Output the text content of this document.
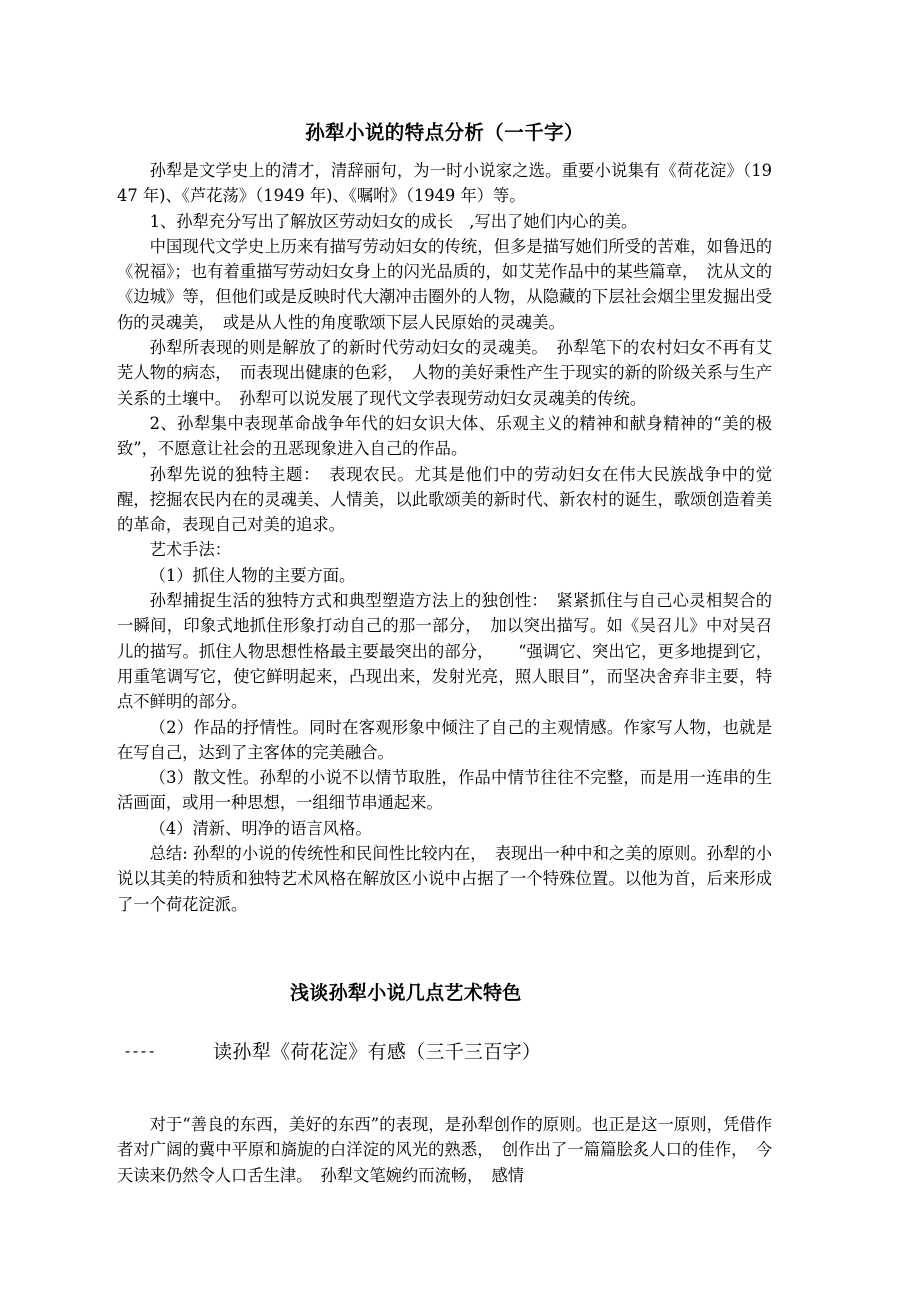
孙犁小说的特点分析（一千字）

孙犁是文学史上的清才，清辞丽句，为一时小说家之选。重要小说集有《荷花淀》（1947 年)、《芦花荡》（1949 年)、《嘱咐》（1949 年）等。

1、孙犁充分写出了解放区劳动妇女的成长　,写出了她们内心的美。

中国现代文学史上历来有描写劳动妇女的传统，但多是描写她们所受的苦难，如鲁迅的《祝福》；也有着重描写劳动妇女身上的闪光品质的，如艾芜作品中的某些篇章，　沈从文的《边城》等，但他们或是反映时代大潮冲击圈外的人物，从隐藏的下层社会烟尘里发掘出受伤的灵魂美，　或是从人性的角度歌颂下层人民原始的灵魂美。

孙犁所表现的则是解放了的新时代劳动妇女的灵魂美。　孙犁笔下的农村妇女不再有艾芜人物的病态，　而表现出健康的色彩，　人物的美好秉性产生于现实的新的阶级关系与生产关系的土壤中。　孙犁可以说发展了现代文学表现劳动妇女灵魂美的传统。

2、孙犁集中表现革命战争年代的妇女识大体、乐观主义的精神和献身精神的“美的极致”，不愿意让社会的丑恶现象进入自己的作品。

孙犁先说的独特主题：　表现农民。尤其是他们中的劳动妇女在伟大民族战争中的觉醒，挖掘农民内在的灵魂美、人情美，以此歌颂美的新时代、新农村的诞生，歌颂创造着美的革命，表现自己对美的追求。

艺术手法：

（1）抓住人物的主要方面。

孙犁捕捉生活的独特方式和典型塑造方法上的独创性：　紧紧抓住与自己心灵相契合的一瞬间，印象式地抓住形象打动自己的那一部分，　加以突出描写。如《吴召儿》中对吴召儿的描写。抓住人物思想性格最主要最突出的部分，　　“强调它、突出它，更多地提到它，用重笔调写它，使它鲜明起来，凸现出来，发射光亮，照人眼目”，而坚决舍弃非主要，特点不鲜明的部分。

（2）作品的抒情性。同时在客观形象中倾注了自己的主观情感。作家写人物，也就是在写自己，达到了主客体的完美融合。

（3）散文性。孙犁的小说不以情节取胜，作品中情节往往不完整，而是用一连串的生活画面，或用一种思想，一组细节串通起来。

（4）清新、明净的语言风格。

总结: 孙犁的小说的传统性和民间性比较内在，　表现出一种中和之美的原则。孙犁的小说以其美的特质和独特艺术风格在解放区小说中占据了一个特殊位置。以他为首，后来形成了一个荷花淀派。

浅谈孙犁小说几点艺术特色
----	读孙犁《荷花淀》有感（三千三百字）

对于“善良的东西，美好的东西”的表现，是孙犁创作的原则。也正是这一原则，凭借作者对广阔的冀中平原和旖旎的白洋淀的风光的熟悉，　创作出了一篇篇脍炙人口的佳作，　今天读来仍然令人口舌生津。　孙犁文笔婉约而流畅，　感情
